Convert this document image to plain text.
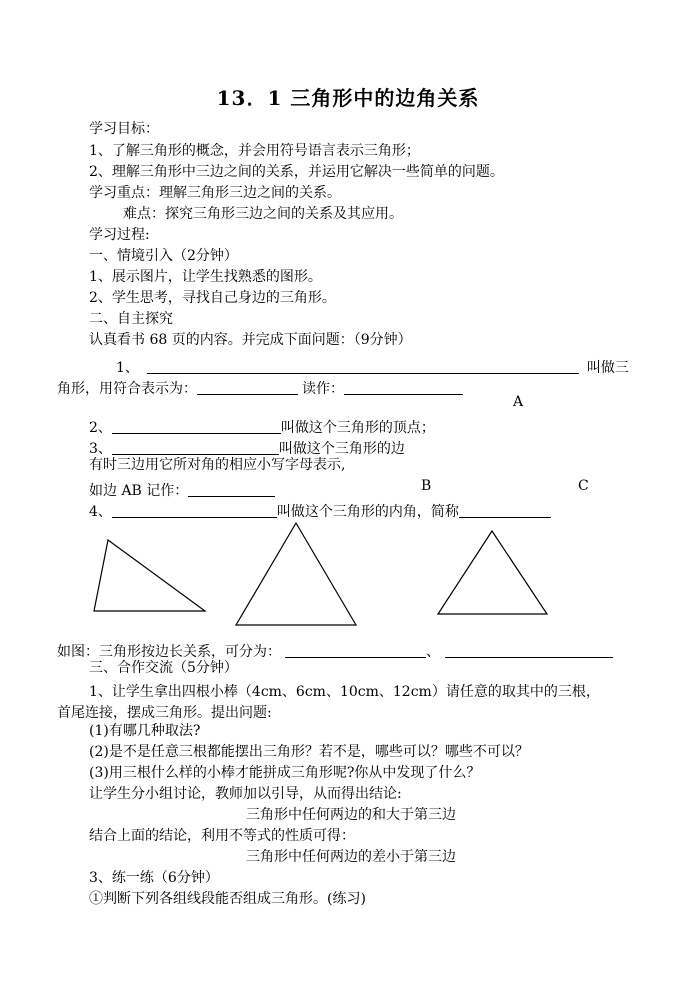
13．1 三角形中的边角关系
学习目标：
1、了解三角形的概念，并会用符号语言表示三角形；
2、理解三角形中三边之间的关系，并运用它解决一些简单的问题。
学习重点：理解三角形三边之间的关系。
难点：探究三角形三边之间的关系及其应用。
学习过程:
一、情境引入（2分钟）
1、展示图片，让学生找熟悉的图形。
2、学生思考，寻找自己身边的三角形。
二、自主探究
认真看书 68 页的内容。并完成下面问题：（9分钟）
1、	叫做三
角形，用符合表示为：	读作：
A
2、	叫做这个三角形的顶点；
3、	叫做这个三角形的边
有时三边用它所对角的相应小写字母表示,
如边 AB 记作：	B	C
4、	叫做这个三角形的内角，简称
如图：三角形按边长关系，可分为：	、
三、合作交流（5分钟）
1、让学生拿出四根小棒（4cm、6cm、10cm、12cm）请任意的取其中的三根，
首尾连接，摆成三角形。提出问题:
(1)有哪几种取法?
(2)是不是任意三根都能摆出三角形？若不是，哪些可以？哪些不可以？
(3)用三根什么样的小棒才能拼成三角形呢?你从中发现了什么？
让学生分小组讨论，教师加以引导，从而得出结论:
三角形中任何两边的和大于第三边
结合上面的结论，利用不等式的性质可得：
三角形中任何两边的差小于第三边
3、练一练（6分钟）
①判断下列各组线段能否组成三角形。(练习)
